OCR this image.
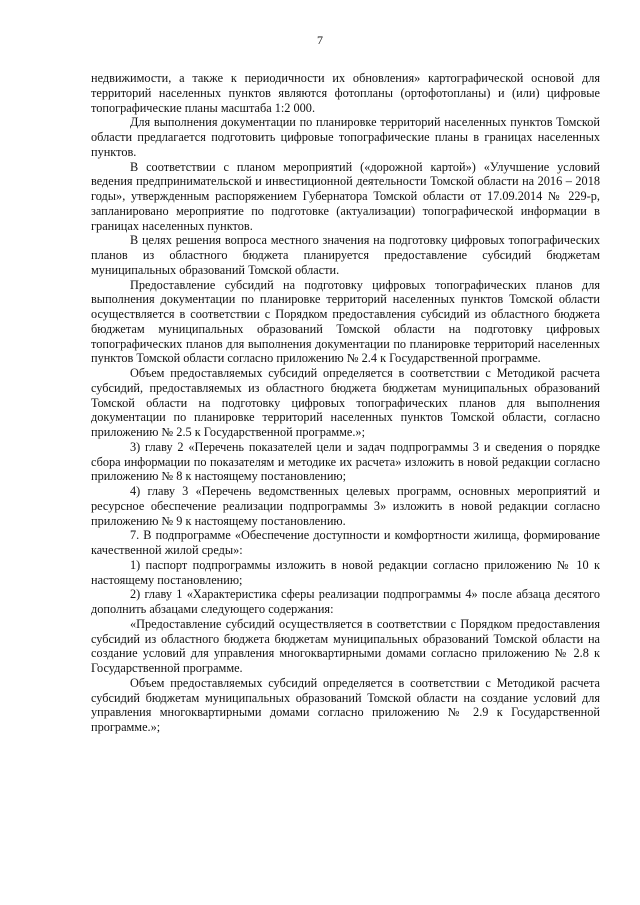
7

недвижимости, а также к периодичности их обновления» картографической основой для территорий населенных пунктов являются фотопланы (ортофотопланы) и (или) цифровые топографические планы масштаба 1:2 000.

Для выполнения документации по планировке территорий населенных пунктов Томской области предлагается подготовить цифровые топографические планы в границах населенных пунктов.

В соответствии с планом мероприятий («дорожной картой») «Улучшение условий ведения предпринимательской и инвестиционной деятельности Томской области на 2016 – 2018 годы», утвержденным распоряжением Губернатора Томской области от 17.09.2014 № 229-р, запланировано мероприятие по подготовке (актуализации) топографической информации в границах населенных пунктов.

В целях решения вопроса местного значения на подготовку цифровых топографических планов из областного бюджета планируется предоставление субсидий бюджетам муниципальных образований Томской области.

Предоставление субсидий на подготовку цифровых топографических планов для выполнения документации по планировке территорий населенных пунктов Томской области осуществляется в соответствии с Порядком предоставления субсидий из областного бюджета бюджетам муниципальных образований Томской области на подготовку цифровых топографических планов для выполнения документации по планировке территорий населенных пунктов Томской области согласно приложению № 2.4 к Государственной программе.

Объем предоставляемых субсидий определяется в соответствии с Методикой расчета субсидий, предоставляемых из областного бюджета бюджетам муниципальных образований Томской области на подготовку цифровых топографических планов для выполнения документации по планировке территорий населенных пунктов Томской области, согласно приложению № 2.5 к Государственной программе.»;

3) главу 2 «Перечень показателей цели и задач подпрограммы 3 и сведения о порядке сбора информации по показателям и методике их расчета» изложить в новой редакции согласно приложению № 8 к настоящему постановлению;

4) главу 3 «Перечень ведомственных целевых программ, основных мероприятий и ресурсное обеспечение реализации подпрограммы 3» изложить в новой редакции согласно приложению № 9 к настоящему постановлению.

7. В подпрограмме «Обеспечение доступности и комфортности жилища, формирование качественной жилой среды»:

1) паспорт подпрограммы изложить в новой редакции согласно приложению № 10 к настоящему постановлению;

2) главу 1 «Характеристика сферы реализации подпрограммы 4» после абзаца десятого дополнить абзацами следующего содержания:

«Предоставление субсидий осуществляется в соответствии с Порядком предоставления субсидий из областного бюджета бюджетам муниципальных образований Томской области на создание условий для управления многоквартирными домами согласно приложению № 2.8 к Государственной программе.

Объем предоставляемых субсидий определяется в соответствии с Методикой расчета субсидий бюджетам муниципальных образований Томской области на создание условий для управления многоквартирными домами согласно приложению № 2.9 к Государственной программе.»;
